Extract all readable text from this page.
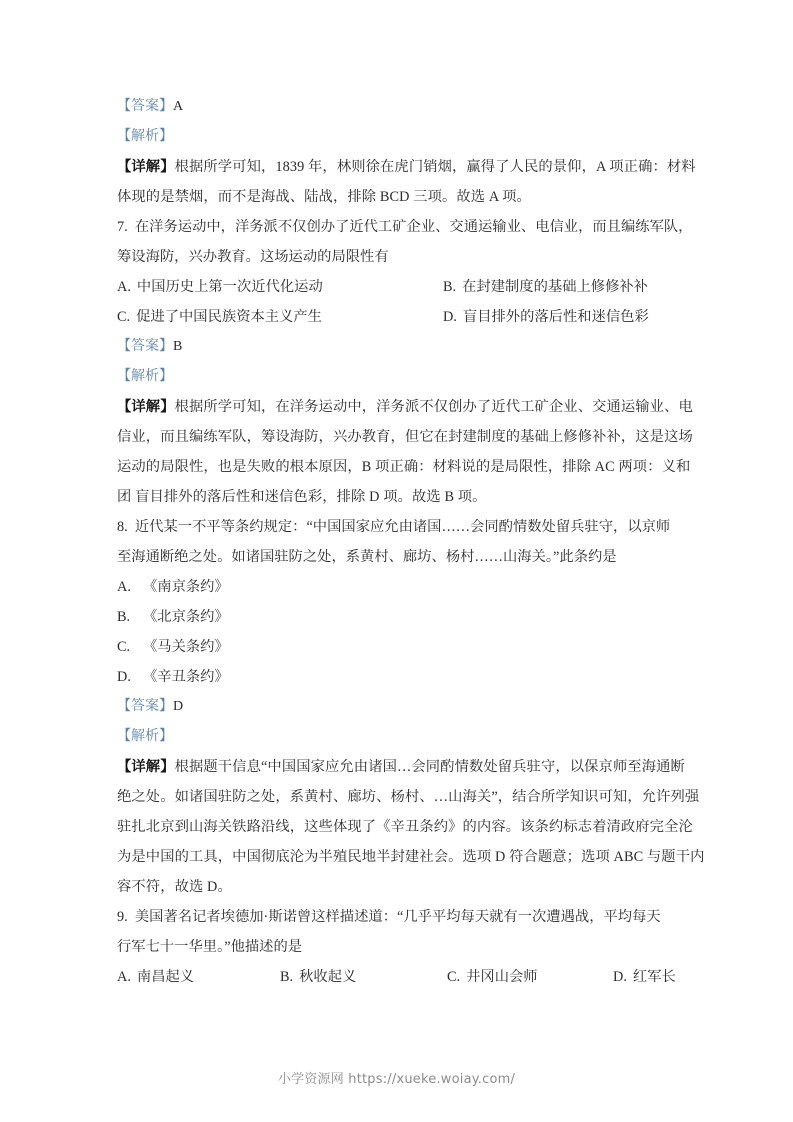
【答案】A
【解析】
【详解】根据所学可知，1839 年，林则徐在虎门销烟，赢得了人民的景仰，A 项正确：材料
体现的是禁烟，而不是海战、陆战，排除 BCD 三项。故选 A 项。
7. 在洋务运动中，洋务派不仅创办了近代工矿企业、交通运输业、电信业，而且编练军队，
筹设海防，兴办教育。这场运动的局限性有
A. 中国历史上第一次近代化运动	B. 在封建制度的基础上修修补补
C. 促进了中国民族资本主义产生	D. 盲目排外的落后性和迷信色彩
【答案】B
【解析】
【详解】根据所学可知，在洋务运动中，洋务派不仅创办了近代工矿企业、交通运输业、电
信业，而且编练军队，筹设海防，兴办教育，但它在封建制度的基础上修修补补，这是这场
运动的局限性，也是失败的根本原因，B 项正确：材料说的是局限性，排除 AC 两项：义和
团 盲目排外的落后性和迷信色彩，排除 D 项。故选 B 项。
8. 近代某一不平等条约规定：“中国国家应允由诸国……会同酌情数处留兵驻守，以京师
至海通断绝之处。如诸国驻防之处，系黄村、廊坊、杨村……山海关。”此条约是
A. 《南京条约》
B. 《北京条约》
C. 《马关条约》
D. 《辛丑条约》
【答案】D
【解析】
【详解】根据题干信息“中国国家应允由诸国…会同酌情数处留兵驻守，以保京师至海通断
绝之处。如诸国驻防之处，系黄村、廊坊、杨村、…山海关”，结合所学知识可知，允许列强
驻扎北京到山海关铁路沿线，这些体现了《辛丑条约》的内容。该条约标志着清政府完全沦
为是中国的工具，中国彻底沦为半殖民地半封建社会。选项 D 符合题意；选项 ABC 与题干内
容不符，故选 D。
9. 美国著名记者埃德加·斯诺曾这样描述道：“几乎平均每天就有一次遭遇战，平均每天
行军七十一华里。”他描述的是
A. 南昌起义	B. 秋收起义	C. 井冈山会师	D. 红军长
小学资源网 https://xueke.woiay.com/
